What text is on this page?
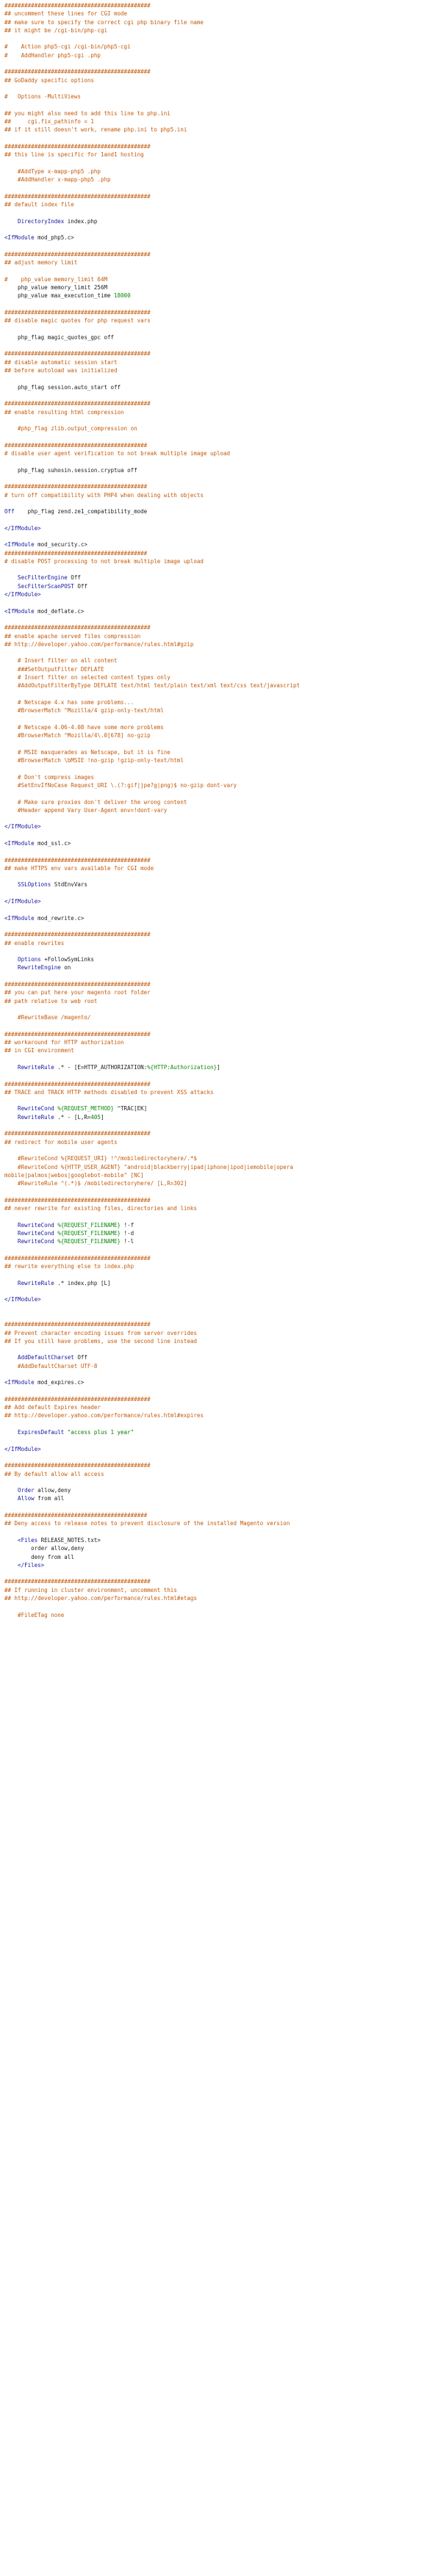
############################################
## uncomment these lines for CGI mode
## make sure to specify the correct cgi php binary file name
## it might be /cgi-bin/php-cgi

#    Action php5-cgi /cgi-bin/php5-cgi
#    AddHandler php5-cgi .php

############################################
## GoDaddy specific options

#   Options -MultiViews

## you might also need to add this line to php.ini
##     cgi.fix_pathinfo = 1
## if it still doesn't work, rename php.ini to php5.ini

############################################
## this line is specific for 1and1 hosting

#AddType x-mapp-php5 .php
#AddHandler x-mapp-php5 .php

############################################
## default index file

DirectoryIndex index.php

<IfModule mod_php5.c>

############################################
## adjust memory limit

#    php_value memory_limit 64M
php_value memory_limit 256M
php_value max_execution_time 18000

############################################
## disable magic quotes for php request vars

php_flag magic_quotes_gpc off

############################################
## disable automatic session start
## before autoload was initialized

php_flag session.auto_start off

############################################
## enable resulting html compression

#php_flag zlib.output_compression on

###########################################
# disable user agent verification to not break multiple image upload

php_flag suhosin.session.cryptua off

###########################################
# turn off compatibility with PHP4 when dealing with objects

Off    php_flag zend.ze1_compatibility_mode

</IfModule>

<IfModule mod_security.c>
###########################################
# disable POST processing to not break multiple image upload

SecFilterEngine Off
SecFilterScanPOST Off
</IfModule>

<IfModule mod_deflate.c>

############################################
## enable apache served files compression
## http://developer.yahoo.com/performance/rules.html#gzip

# Insert filter on all content
###SetOutputFilter DEFLATE
# Insert filter on selected content types only
#AddOutputFilterByType DEFLATE text/html text/plain text/xml text/css text/javascript

# Netscape 4.x has some problems...
#BrowserMatch ^Mozilla/4 gzip-only-text/html

# Netscape 4.06-4.08 have some more problems
#BrowserMatch ^Mozilla/4\.0[678] no-gzip

# MSIE masquerades as Netscape, but it is fine
#BrowserMatch \bMSIE !no-gzip !gzip-only-text/html

# Don't compress images
#SetEnvIfNoCase Request_URI \.(?:gif|jpe?g|png)$ no-gzip dont-vary

# Make sure proxies don't deliver the wrong content
#Header append Vary User-Agent env=!dont-vary

</IfModule>

<IfModule mod_ssl.c>

############################################
## make HTTPS env vars available for CGI mode

SSLOptions StdEnvVars

</IfModule>

<IfModule mod_rewrite.c>

############################################
## enable rewrites

Options +FollowSymLinks
RewriteEngine on

############################################
## you can put here your magento root folder
## path relative to web root

#RewriteBase /magento/

############################################
## workaround for HTTP authorization
## in CGI environment

RewriteRule .* - [E=HTTP_AUTHORIZATION:%{HTTP:Authorization}]

############################################
## TRACE and TRACK HTTP methods disabled to prevent XSS attacks

RewriteCond %{REQUEST_METHOD} ^TRAC[EK]
RewriteRule .* - [L,R=405]

############################################
## redirect for mobile user agents

#RewriteCond %{REQUEST_URI} !^/mobiledirectoryhere/.*$
#RewriteCond %{HTTP_USER_AGENT} "android|blackberry|ipad|iphone|ipod|iemobile|opera
mobile|palmos|webos|googlebot-mobile" [NC]
#RewriteRule ^(.*)$ /mobiledirectoryhere/ [L,R=302]

############################################
## never rewrite for existing files, directories and links

RewriteCond %{REQUEST_FILENAME} !-f
RewriteCond %{REQUEST_FILENAME} !-d
RewriteCond %{REQUEST_FILENAME} !-l

############################################
## rewrite everything else to index.php

RewriteRule .* index.php [L]

</IfModule>

############################################
## Prevent character encoding issues from server overrides
## If you still have problems, use the second line instead

AddDefaultCharset Off
#AddDefaultCharset UTF-8

<IfModule mod_expires.c>

############################################
## Add default Expires header
## http://developer.yahoo.com/performance/rules.html#expires

ExpiresDefault "access plus 1 year"

</IfModule>

############################################
## By default allow all access

Order allow,deny
Allow from all

###########################################
## Deny access to release notes to prevent disclosure of the installed Magento version

<Files RELEASE_NOTES.txt>
order allow,deny
deny from all
</Files>

############################################
## If running in cluster environment, uncomment this
## http://developer.yahoo.com/performance/rules.html#etags

#FileETag none
